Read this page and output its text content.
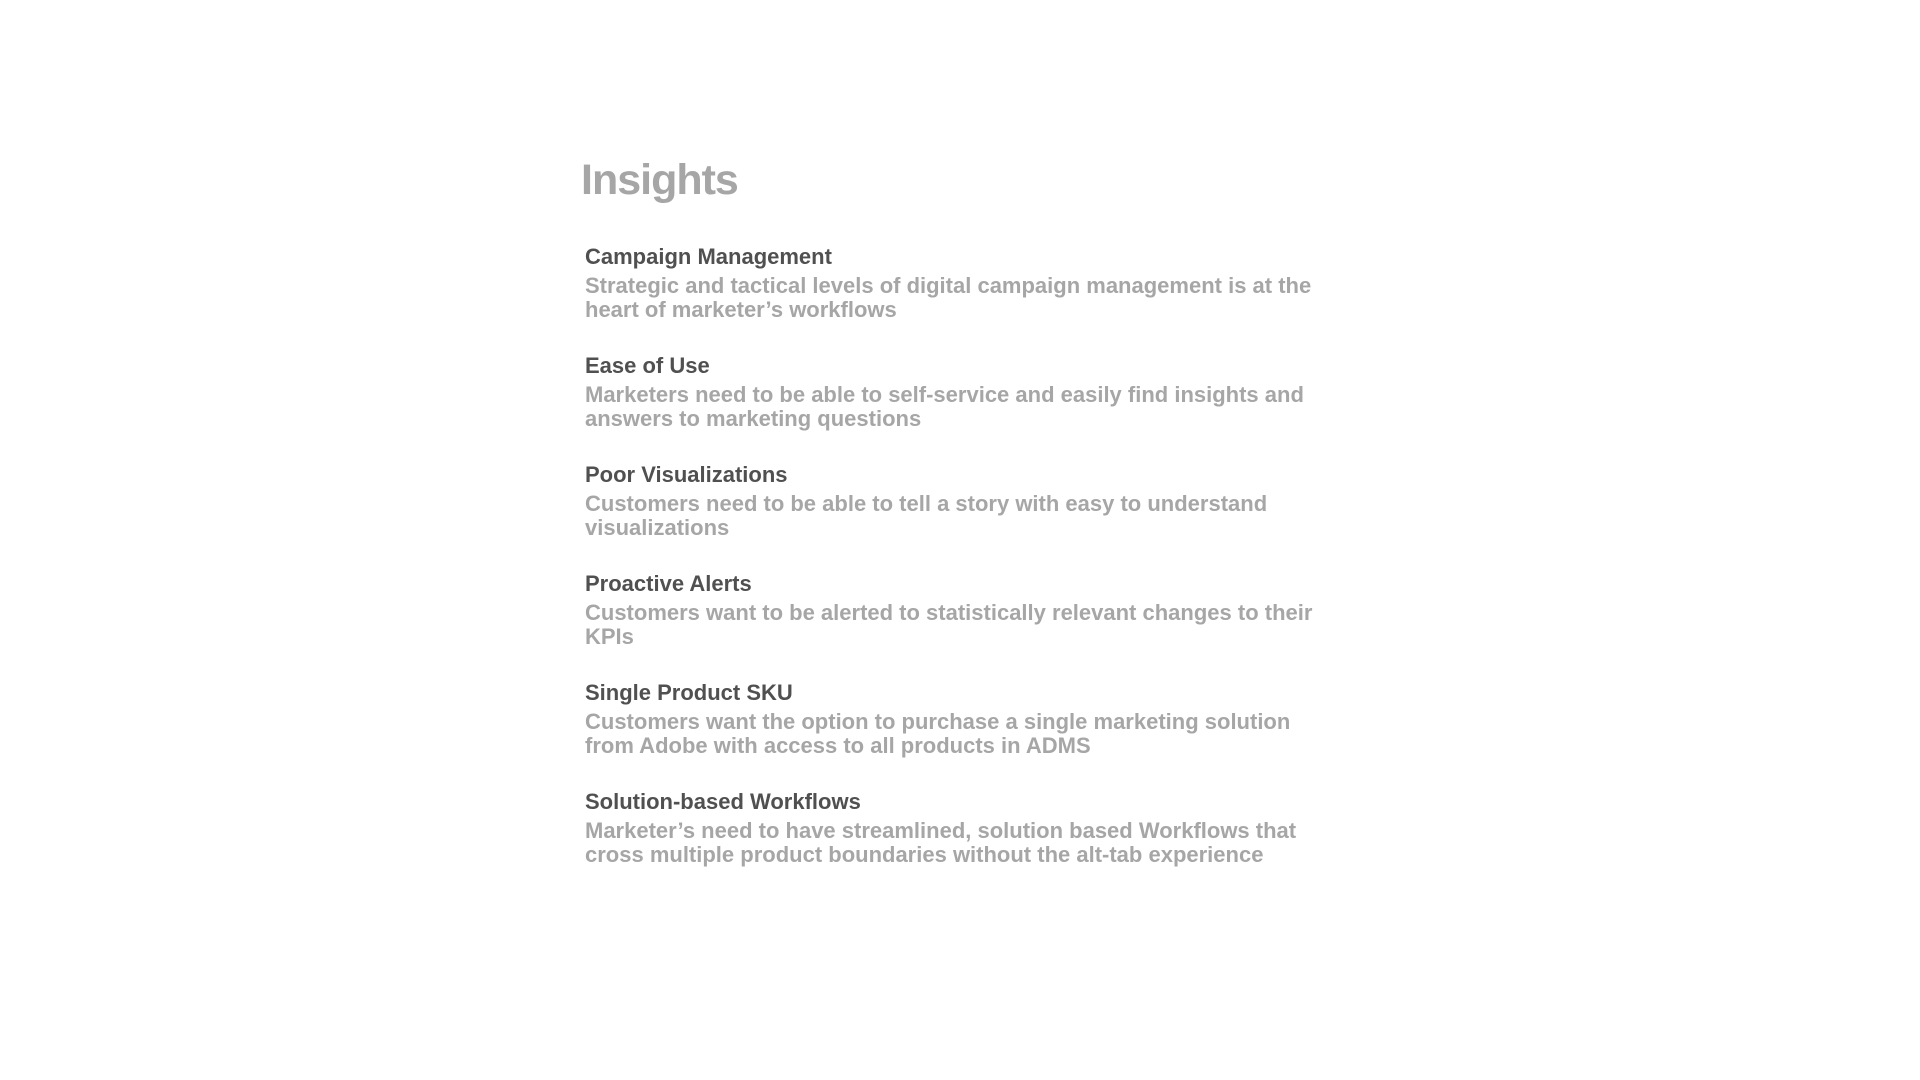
Insights
Campaign Management
Strategic and tactical levels of digital campaign management is at the heart of marketer’s workflows
Ease of Use
Marketers need to be able to self-service and easily find insights and answers to marketing questions
Poor Visualizations
Customers need to be able to tell a story with easy to understand visualizations
Proactive Alerts
Customers want to be alerted to statistically relevant changes to their KPIs
Single Product SKU
Customers want the option to purchase a single marketing solution from Adobe with access to all products in ADMS
Solution-based Workflows
Marketer’s need to have streamlined, solution based Workflows that cross multiple product boundaries without the alt-tab experience
